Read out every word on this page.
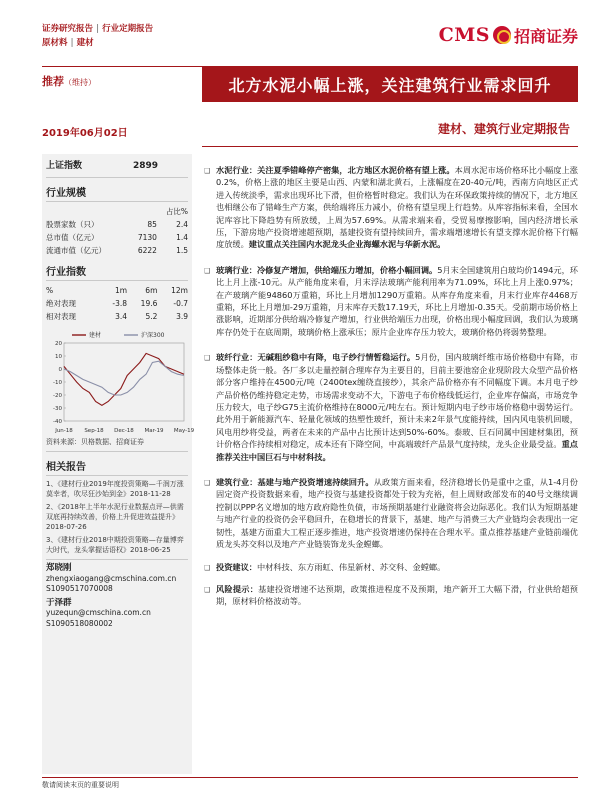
证券研究报告 | 行业定期报告
原材料 | 建材	CMS 招商证券
推荐（维持）	北方水泥小幅上涨，关注建筑行业需求回升
2019年06月02日	建材、建筑行业定期报告
上证指数	2899
行业规模
		占比%
股票家数（只）	85	2.4
总市值（亿元）	7130	1.4
流通市值（亿元）	6222	1.5
行业指数
%	1m	6m	12m
绝对表现	-3.8	19.6	-0.7
相对表现	3.4	5.2	3.9
20
10
0
-10
-20
-30
-40
Jun-18 Sep-18 Dec-18 Mar-19 May-19
建材	沪深300
资料来源：贝格数据、招商证券
相关报告

1、《建材行业2019年度投资策略—千润万涨莫幸者，吹尽狂沙始到金》2018-11-28

2、《2018年上半年水泥行业数据点评—供需双底再持续改善，价格上升促进效益提升》2018-07-26

3、《建材行业2018中期投资策略—存量博弈大时代，龙头掌握话语权》2018-06-25

郑晓刚
zhengxiaogang@cmschina.com.cn
S1090517070008
于泽群
yuzequn@cmschina.com.cn
S1090518080002
❑ 水泥行业：关注夏季错峰停产密集，北方地区水泥价格有望上涨。本周水泥市场价格环比小幅度上涨0.2%，价格上涨的地区主要是山西、内蒙和湖北黄石，上涨幅度在20-40元/吨，西南方向地区正式进入传统淡季，需求出现环比下滑，但价格暂时稳定。我们认为在环保政策持续的情况下，北方地区也相继公布了错峰生产方案，供给端将压力减小，价格有望呈现上行趋势。从库容指标来看，全国水泥库容比下降趋势有所放缓，上周为57.69%。从需求端来看，受贸易摩擦影响，国内经济增长承压，下游房地产投资增速超预期，基建投资有望持续回升，需求端增速增长有望支撑水泥价格下行幅度放缓。建议重点关注国内水泥龙头企业海螺水泥与华新水泥。
❑ 玻璃行业：冷修复产增加，供给端压力增加，价格小幅回调。5月末全国建筑用白玻均价1494元，环比上月上涨-10元。从产能角度来看，月末浮法玻璃产能利用率为71.09%，环比上月上涨0.97%；在产玻璃产能94860万重箱，环比上月增加1290万重箱。从库存角度来看，月末行业库存4468万重箱，环比上月增加-29万重箱，月末库存天数17.19天，环比上月增加-0.35天。受前期市场价格上涨影响，近期部分供给端冷修复产增加，行业供给端压力出现，价格出现小幅度回调，我们认为玻璃库存仍处于在底周期，玻璃价格上涨承压；原片企业库存压力较大，玻璃价格仍将弱势整理。
❑ 玻纤行业：无碱粗纱稳中有降，电子纱行情暂稳运行。5月份，国内玻璃纤维市场价格稳中有降，市场整体走货一般。各厂多以走量控制合理库存为主要目的，目前主要池窑企业现阶段大众型产品价格部分客户维持在4500元/吨（2400tex缠绕直接纱），其余产品价格亦有不同幅度下调。本月电子纱产品价格仍维持稳定走势，市场需求变动不大，下游电子布价格线低运行，企业库存偏高，市场竞争压力较大，电子纱G75主流价格维持在8000元/吨左右。预计短期内电子纱市场价格稳中弱势运行。此外用于新能源汽车、轻量化领域的热塑性玻纤，预计未来2年景气度能持续，国内风电装机回暖，风电用纱将受益，两者在未来的产品中占比预计达到50%-60%。泰玻、巨石同属中国建材集团，预计价格合作持续相对稳定，成本还有下降空间，中高端玻纤产品景气度持续，龙头企业最受益。重点推荐关注中国巨石与中材科技。
❑ 建筑行业：基建与地产投资增速持续回升。从政策方面来看，经济稳增长仍是重中之重，从1-4月份固定资产投资数据来看，地产投资与基建投资都处于较为充裕，但上周财政部发布的40号文继续调控制以PPP名义增加的地方政府隐性负债，市场预期基建行业融资将会边际恶化。我们认为短期基建与地产行业的投资仍会平稳回升，在稳增长的背景下，基建、地产与消费三大产业链均会表现出一定韧性，基建方面重大工程正逐步推进，地产投资增速仍保持在合理水平。重点推荐基建产业链前端优质龙头苏交科以及地产产业链装饰龙头金螳螂。
❑ 投资建议：中材科技、东方雨虹、伟星新材、苏交科、金螳螂。
❑ 风险提示：基建投资增速不达预期，政策推进程度不及预期，地产新开工大幅下滑，行业供给超预期，原材料价格波动等。
敬请阅读末页的重要说明
